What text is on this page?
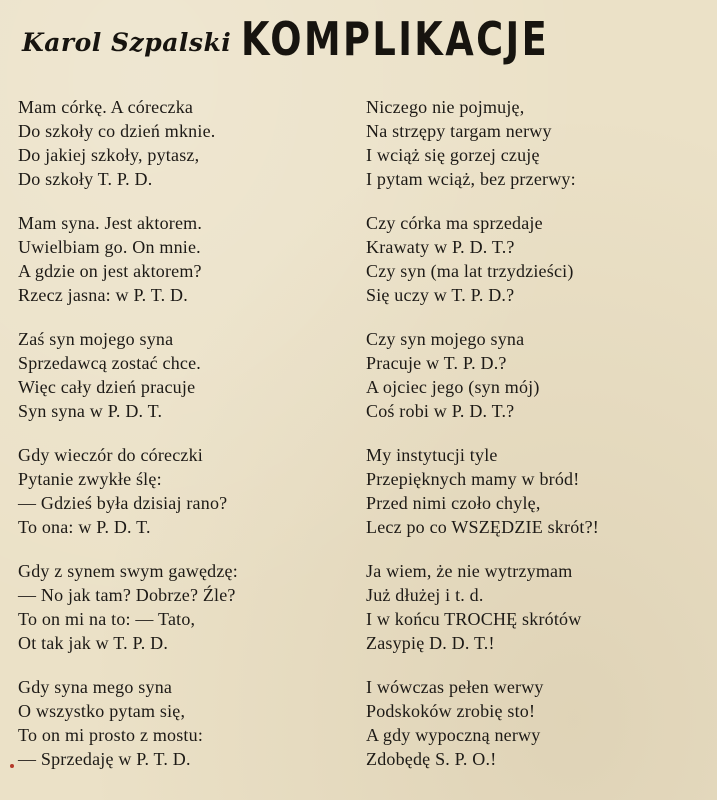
Karol Szpalski KOMPLIKACJE
Mam córkę. A córeczka
Do szkoły co dzień mknie.
Do jakiej szkoły, pytasz,
Do szkoły T. P. D.
Mam syna. Jest aktorem.
Uwielbiam go. On mnie.
A gdzie on jest aktorem?
Rzecz jasna: w P. T. D.
Zaś syn mojego syna
Sprzedawcą zostać chce.
Więc cały dzień pracuje
Syn syna w P. D. T.
Gdy wieczór do córeczki
Pytanie zwykłe ślę:
— Gdzieś była dzisiaj rano?
To ona: w P. D. T.
Gdy z synem swym gawędzę:
— No jak tam? Dobrze? Źle?
To on mi na to: — Tato,
Ot tak jak w T. P. D.
Gdy syna mego syna
O wszystko pytam się,
To on mi prosto z mostu:
— Sprzedaję w P. T. D.
Niczego nie pojmuję,
Na strzępy targam nerwy
I wciąż się gorzej czuję
I pytam wciąż, bez przerwy:
Czy córka ma sprzedaje
Krawaty w P. D. T.?
Czy syn (ma lat trzydzieści)
Się uczy w T. P. D.?
Czy syn mojego syna
Pracuje w T. P. D.?
A ojciec jego (syn mój)
Coś robi w P. D. T.?
My instytucji tyle
Przepięknych mamy w bród!
Przed nimi czoło chylę,
Lecz po co WSZĘDZIE skrót?!
Ja wiem, że nie wytrzymam
Już dłużej i t. d.
I w końcu TROCHĘ skrótów
Zasypię D. D. T.!
I wówczas pełen werwy
Podskoków zrobię sto!
A gdy wypoczną nerwy
Zdobędę S. P. O.!
